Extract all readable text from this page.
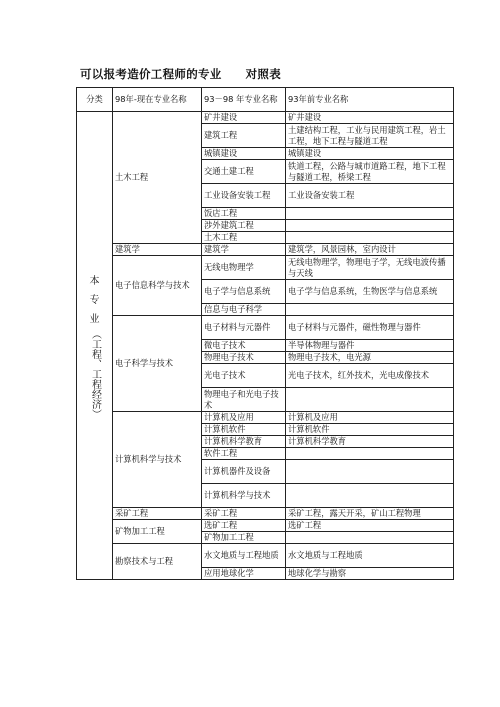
可以报考造价工程师的专业 对照表
分类	98年-现在专业名称	93－98 年专业名称	93年前专业名称

本
专
业
（工程、工程经济）	土木工程	矿井建设	矿井建设
		建筑工程	土建结构工程，工业与民用建筑工程，岩土工程，地下工程与隧道工程
		城镇建设	城镇建设
		交通土建工程	铁道工程，公路与城市道路工程，地下工程与隧道工程，桥梁工程
		工业设备安装工程	工业设备安装工程
		饭店工程	
		涉外建筑工程	
		土木工程	
	建筑学	建筑学	建筑学，风景园林，室内设计
	电子信息科学与技术	无线电物理学	无线电物理学，物理电子学，无线电波传播与天线
		电子学与信息系统	电子学与信息系统，生物医学与信息系统
		信息与电子科学	
	电子科学与技术	电子材料与元器件	电子材料与元器件，磁性物理与器件
		微电子技术	半导体物理与器件
		物理电子技术	物理电子技术，电光源
		光电子技术	光电子技术，红外技术，光电成像技术
		物理电子和光电子技术	
	计算机科学与技术	计算机及应用	计算机及应用
		计算机软件	计算机软件
		计算机科学教育	计算机科学教育
		软件工程	
		计算机器件及设备	
		计算机科学与技术	
	采矿工程	采矿工程	采矿工程，露天开采，矿山工程物理
	矿物加工工程	选矿工程	选矿工程
		矿物加工工程	
	勘察技术与工程	水文地质与工程地质	水文地质与工程地质
		应用地球化学	地球化学与勘察
